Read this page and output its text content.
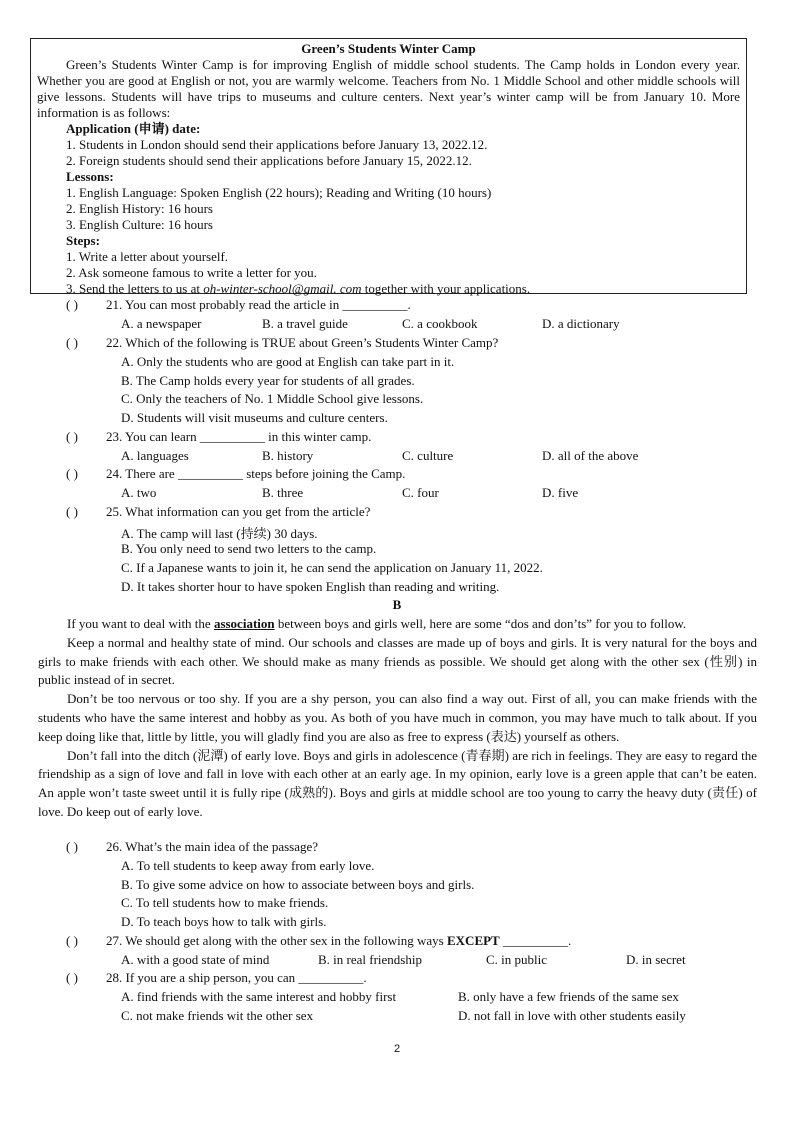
Green’s Students Winter Camp
Green’s Students Winter Camp is for improving English of middle school students. The Camp holds in London every year. Whether you are good at English or not, you are warmly welcome. Teachers from No. 1 Middle School and other middle schools will give lessons. Students will have trips to museums and culture centers. Next year’s winter camp will be from January 10. More information is as follows:
Application (申请) date:
1. Students in London should send their applications before January 13, 2022.12.
2. Foreign students should send their applications before January 15, 2022.12.
Lessons:
1. English Language: Spoken English (22 hours); Reading and Writing (10 hours)
2. English History: 16 hours
3. English Culture: 16 hours
Steps:
1. Write a letter about yourself.
2. Ask someone famous to write a letter for you.
3. Send the letters to us at oh-winter-school@gmail. com together with your applications.
( ) 21. You can most probably read the article in __________.
A. a newspaper	B. a travel guide	C. a cookbook	D. a dictionary
( ) 22. Which of the following is TRUE about Green’s Students Winter Camp?
A. Only the students who are good at English can take part in it.
B. The Camp holds every year for students of all grades.
C. Only the teachers of No. 1 Middle School give lessons.
D. Students will visit museums and culture centers.
( ) 23. You can learn __________ in this winter camp.
A. languages	B. history	C. culture	D. all of the above
( ) 24. There are __________ steps before joining the Camp.
A. two	B. three	C. four	D. five
( ) 25. What information can you get from the article?
A. The camp will last (持续) 30 days.
B. You only need to send two letters to the camp.
C. If a Japanese wants to join it, he can send the application on January 11, 2022.
D. It takes shorter hour to have spoken English than reading and writing.
B

If you want to deal with the association between boys and girls well, here are some “dos and don’ts” for you to follow.

Keep a normal and healthy state of mind. Our schools and classes are made up of boys and girls. It is very natural for the boys and girls to make friends with each other. We should make as many friends as possible. We should get along with the other sex (性别) in public instead of in secret.

Don’t be too nervous or too shy. If you are a shy person, you can also find a way out. First of all, you can make friends with the students who have the same interest and hobby as you. As both of you have much in common, you may have much to talk about. If you keep doing like that, little by little, you will gladly find you are also as free to express (表达) yourself as others.

Don’t fall into the ditch (泥潭) of early love. Boys and girls in adolescence (青春期) are rich in feelings. They are easy to regard the friendship as a sign of love and fall in love with each other at an early age. In my opinion, early love is a green apple that can’t be eaten. An apple won’t taste sweet until it is fully ripe (成熟的). Boys and girls at middle school are too young to carry the heavy duty (责任) of love. Do keep out of early love.

( ) 26. What’s the main idea of the passage?
A. To tell students to keep away from early love.
B. To give some advice on how to associate between boys and girls.
C. To tell students how to make friends.
D. To teach boys how to talk with girls.
( ) 27. We should get along with the other sex in the following ways EXCEPT __________.
A. with a good state of mind	B. in real friendship	C. in public	D. in secret
( ) 28. If you are a ship person, you can __________.
A. find friends with the same interest and hobby first	B. only have a few friends of the same sex
C. not make friends wit the other sex	D. not fall in love with other students easily
2
